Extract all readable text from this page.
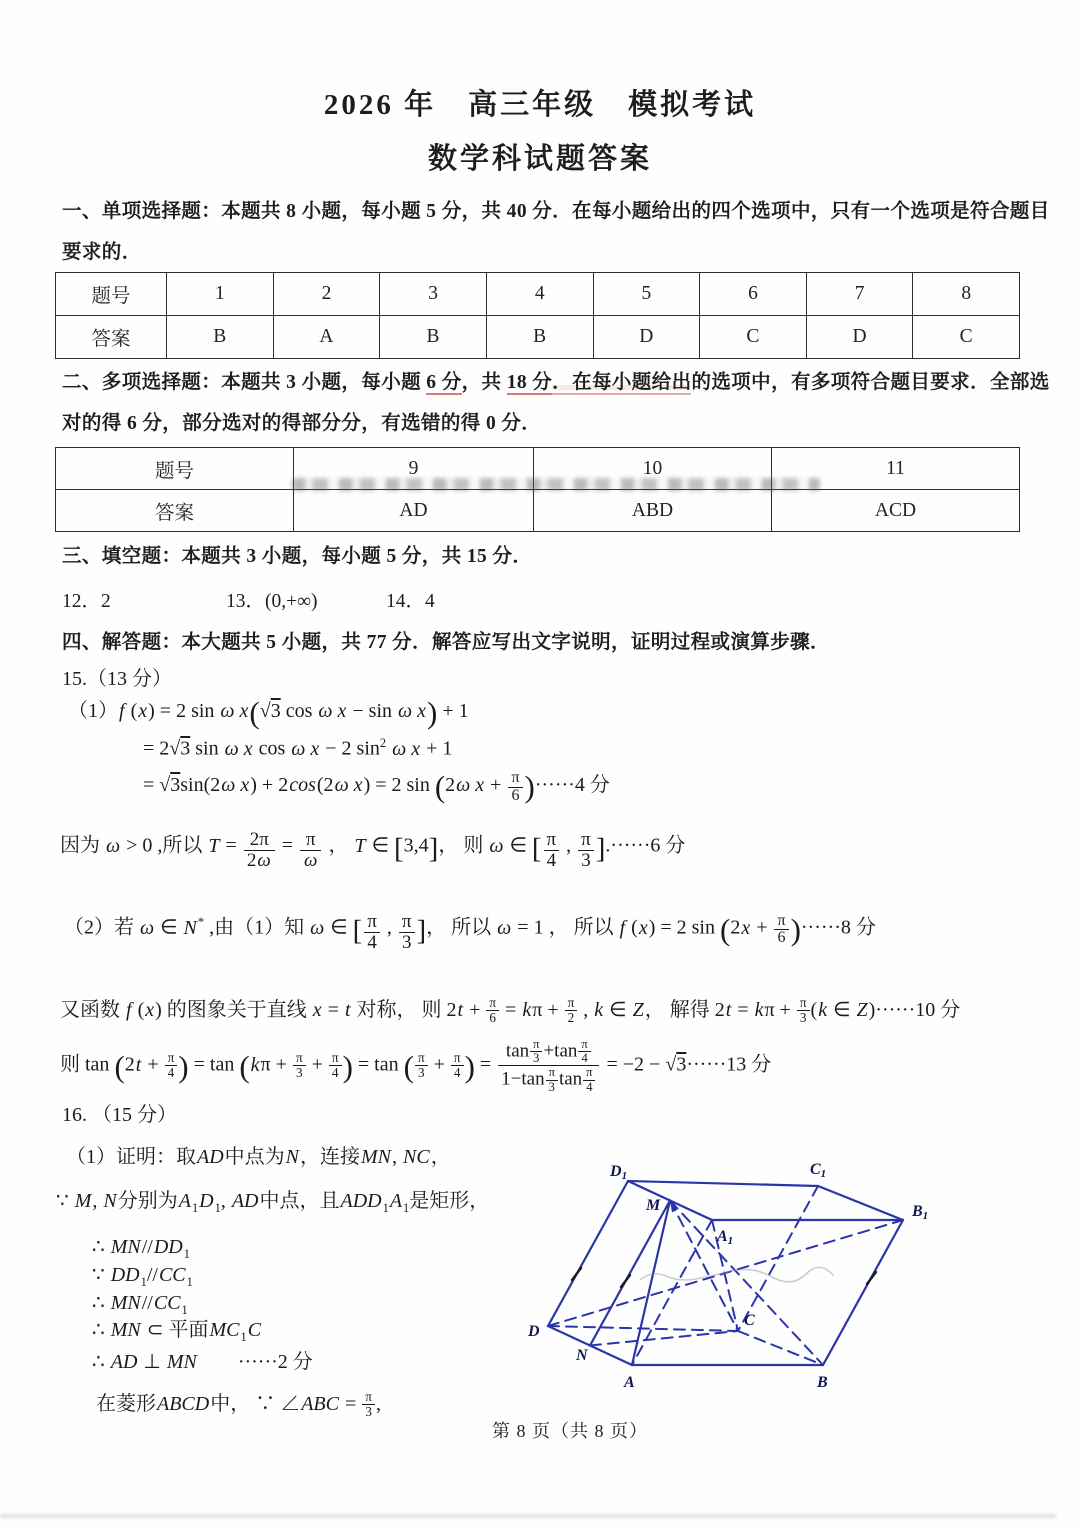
2026 年　高三年级　模拟考试
数学科试题答案
一、单项选择题：本题共 8 小题，每小题 5 分，共 40 分．在每小题给出的四个选项中，只有一个选项是符合题目
要求的．
题号	1	2	3	4	5	6	7	8
答案	B	A	B	B	D	C	D	C
二、多项选择题：本题共 3 小题，每小题 6 分，共 18 分．在每小题给出的选项中，有多项符合题目要求．全部选
对的得 6 分，部分选对的得部分分，有选错的得 0 分．
题号	9	10	11
答案	AD	ABD	ACD
三、填空题：本题共 3 小题，每小题 5 分，共 15 分．
12．2	13．(0,+∞)	14．4
四、解答题：本大题共 5 小题，共 77 分．解答应写出文字说明，证明过程或演算步骤．
15.（13 分）
（1）f (x) = 2 sin ω x(√3 cos ω x − sin ω x) + 1
= 2√3 sin ω x cos ω x − 2 $\sin^2 \omega$ x + 1
= √3sin(2ω x) + 2cos(2ω x) = 2 sin (2ω $x + \frac{\pi}{6} )\cdot\cdot\cdot\cdot\cdot\cdot 4$ 分
因为 ω > 0 ,所以 $T = \frac{2\pi}{2\omega} = \frac{\pi}{\omega}$ ， T ∈ [3,4]， 则 ω ∈ [ $\frac{\pi}{4}$ , $\frac{\pi}{3} ].\cdot\cdot\cdot\cdot\cdot\cdot 6$ 分
（2）若 ω ∈ N* ,由（1）知 ω ∈ [ $\frac{\pi}{4}$ , $\frac{\pi}{3}$ ]， 所以 ω = 1 ， 所以 f (x) = 2 $\sin (2x + \frac{\pi}{6} )\cdot\cdot\cdot\cdot\cdot\cdot 8$ 分
又函数 f (x) 的图象关于直线 x = t 对称， 则 $2t + \frac{\pi}{6} = k\pi + \frac{\pi}{2}$ , k ∈ Z， 解得 $2t = k\pi + \frac{\pi}{3} (k$ ∈ Z)······10 分
则 $\tan (2t + \frac{\pi}{4}$ ) = $\tan (k\pi + \frac{\pi}{3} + \frac{\pi}{4}$ ) = tan ( $\frac{\pi}{3} + \frac{\pi}{4}$ ) = $\frac{\tan \frac{\pi}{3} +\tan \frac{\pi}{4}}{1-\tan \frac{\pi}{3} \tan \frac{\pi}{4}} = -2 - √3\cdot\cdot\cdot\cdot\cdot\cdot 13$ 分
16. （15 分）
（1）证明：取AD中点为N，连接MN, NC，
∵ M, N分别为$A_1D_1$, AD中点，且$ADD_1A_1$是矩形，
∴ $MN//DD_1$
∵ $DD_1//CC_1$
∴ $MN//CC_1$
∴ MN ⊂ 平面$MC_1C$
∴ AD ⊥ MN　　······2 分
在菱形ABCD中， ∵ ∠ABC = $\frac{\pi}{3}$ ,
D1	C1
B1
A1
M
D
N
A
C
B
第 8 页（共 8 页）
